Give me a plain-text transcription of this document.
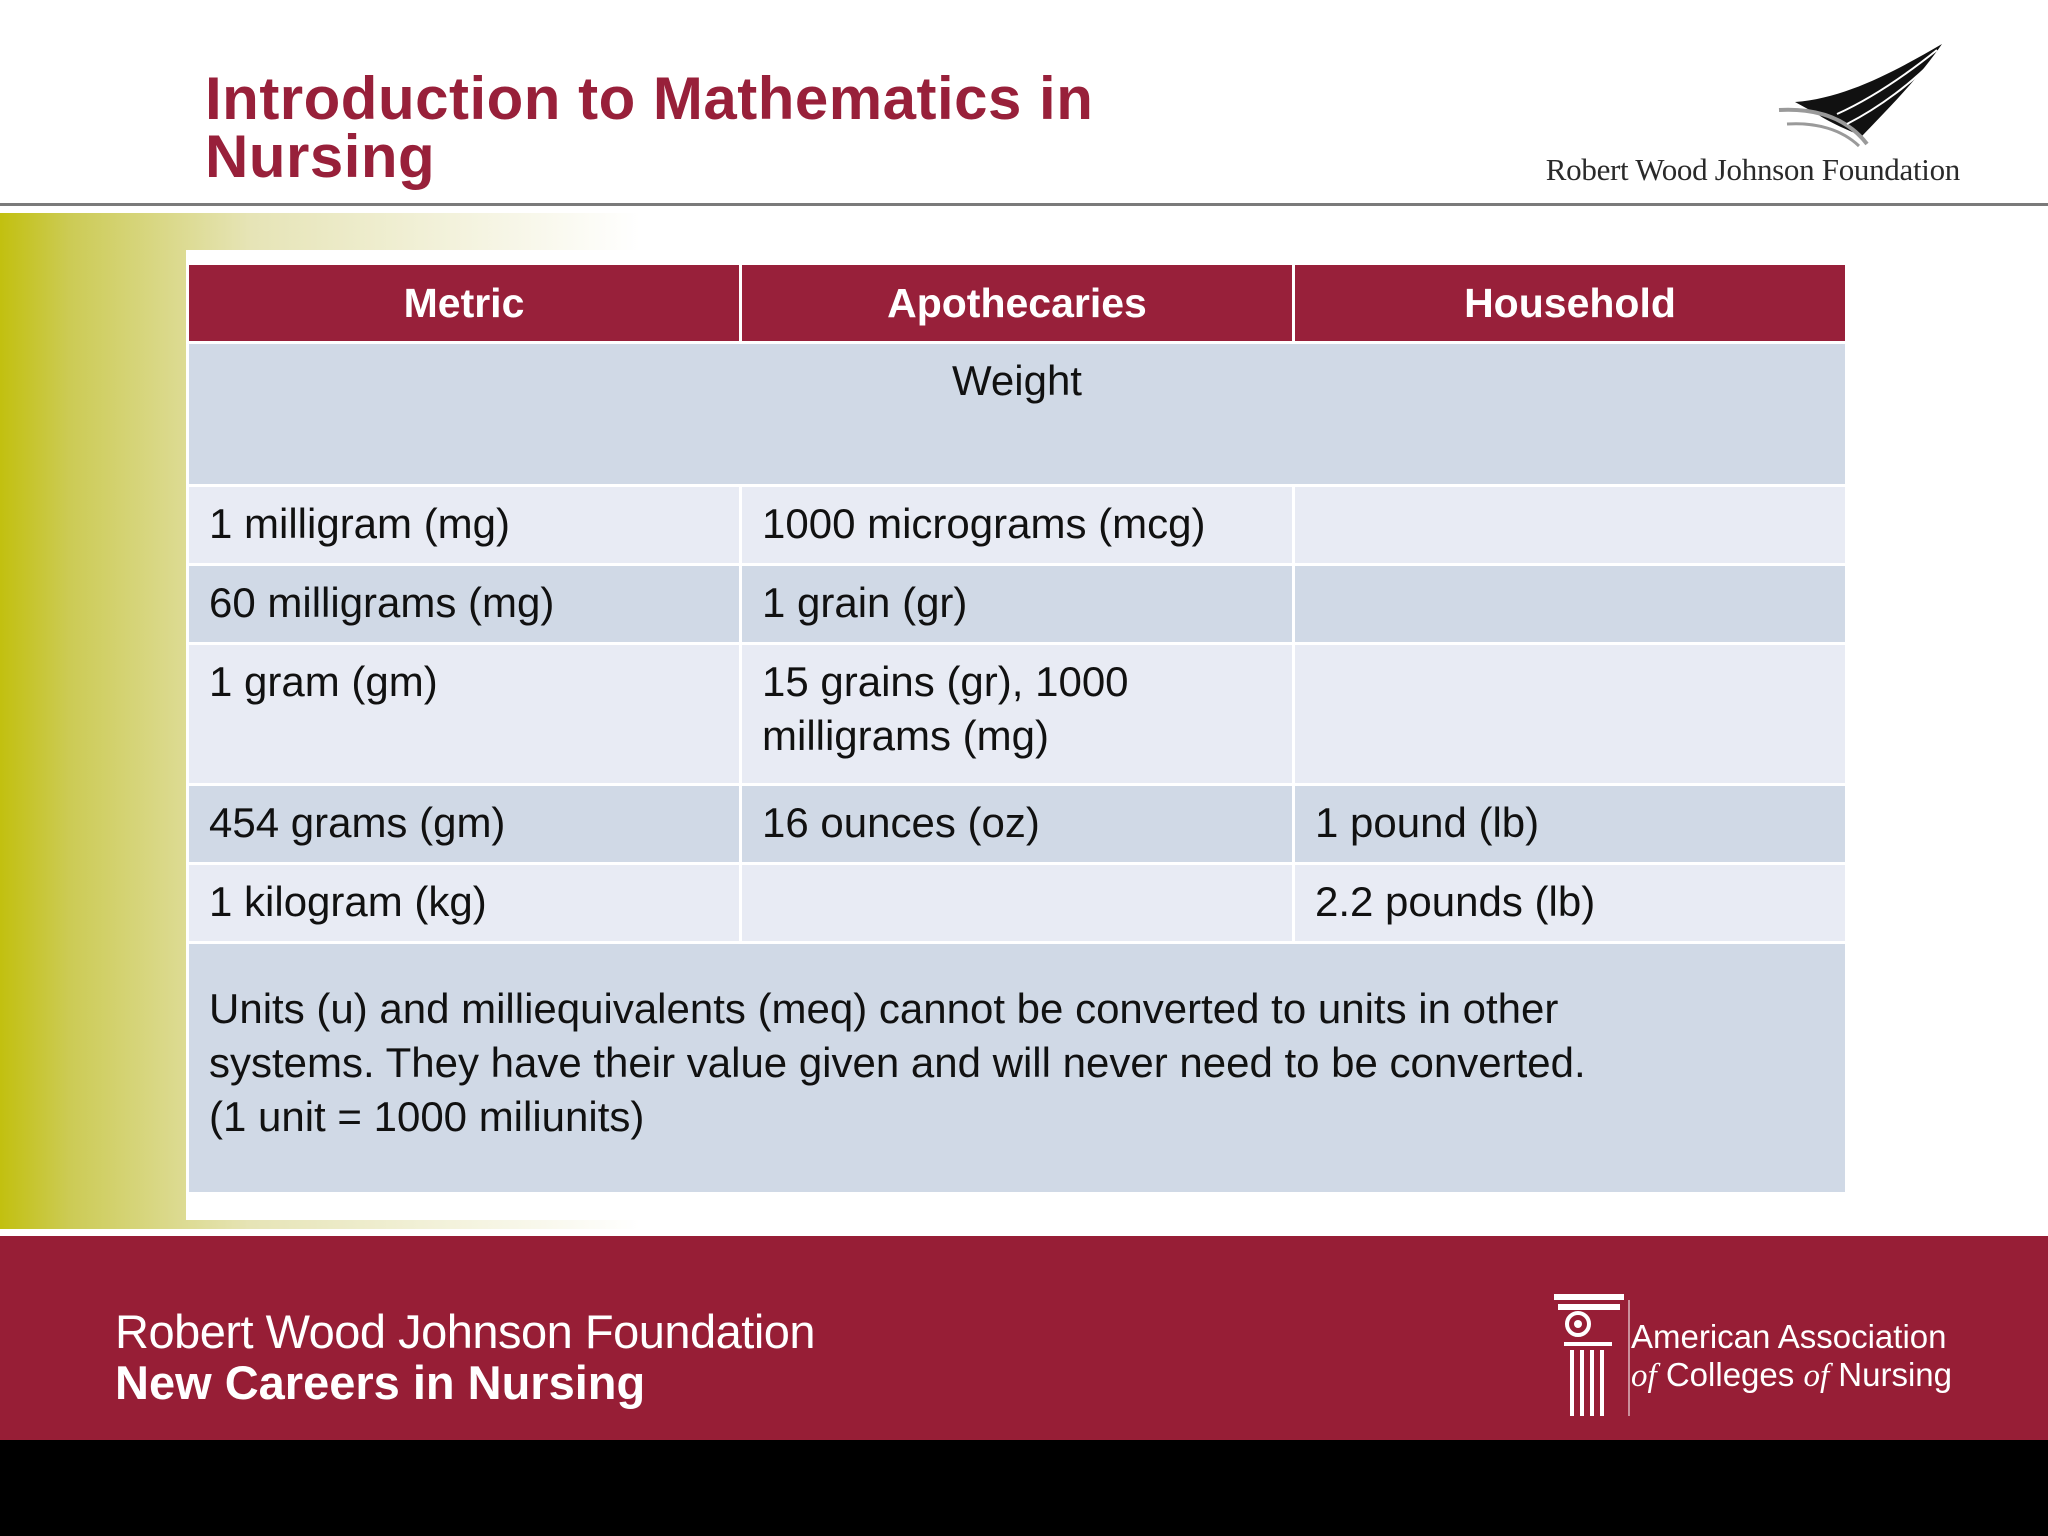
Introduction to Mathematics in
Nursing	Robert Wood Johnson Foundation
Metric	Apothecaries	Household
Weight		
1 milligram (mg)	1000 micrograms (mcg)	
60 milligrams (mg)	1 grain (gr)	
1 gram (gm)	15 grains (gr), 1000 milligrams (mg)	
454 grams (gm)	16 ounces (oz)	1 pound (lb)
1 kilogram (kg)		2.2 pounds (lb)
Units (u) and milliequivalents (meq) cannot be converted to units in other
systems. They have their value given and will never need to be converted.
(1 unit = 1000 miliunits)		
Robert Wood Johnson Foundation
New Careers in Nursing
American Association
of Colleges of Nursing
